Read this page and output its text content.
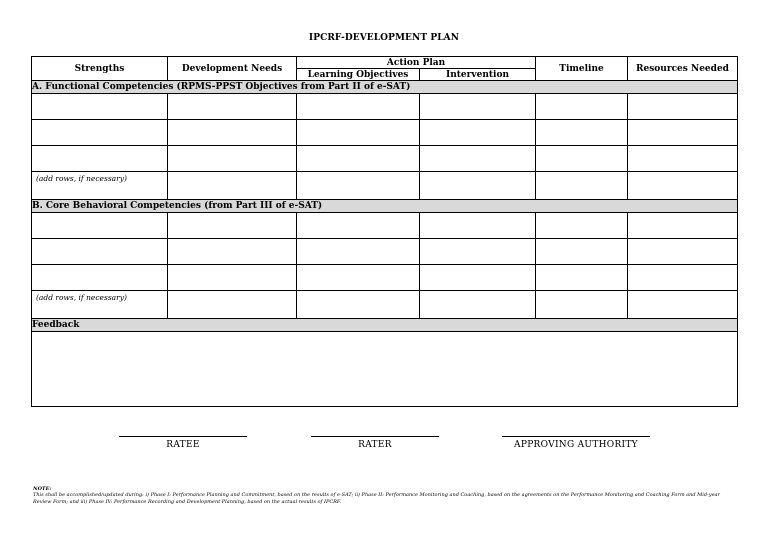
IPCRF-DEVELOPMENT PLAN
Strengths	Development Needs	Action Plan		Timeline	Resources Needed
		Learning Objectives	Intervention		
A. Functional Competencies (RPMS-PPST Objectives from Part II of e-SAT)					

(add rows, if necessary)					
B. Core Behavioral Competencies (from Part III of e-SAT)					

(add rows, if necessary)					
Feedback					

RATEE	RATER	APPROVING AUTHORITY
NOTE:
This shall be accomplished/updated during: i) Phase I: Performance Planning and Commitment, based on the results of e-SAT; ii) Phase II: Performance Monitoring and Coaching, based on the agreements on the Performance Monitoring and Coaching Form and Mid-year Review Form; and iii) Phase IV: Performance Recording and Development Planning, based on the actual results of IPCRF.
